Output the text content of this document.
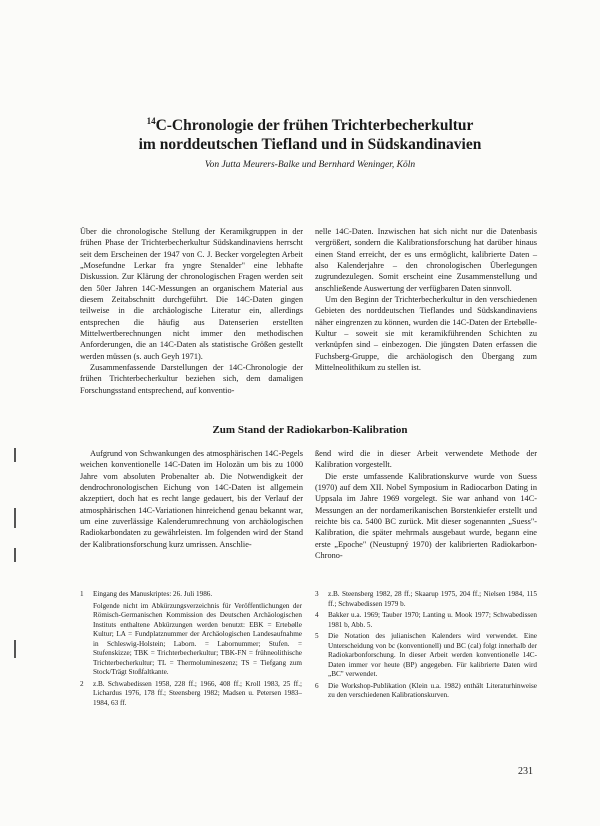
$^{14}$C-Chronologie der frühen Trichterbecherkultur
im norddeutschen Tiefland und in Südskandinavien
Von Jutta Meurers-Balke und Bernhard Weninger, Köln

Über die chronologische Stellung der Keramikgruppen in der frühen Phase der Trichterbecherkultur Südskandinaviens herrscht seit dem Erscheinen der 1947 von C. J. Becker vorgelegten Arbeit „Mosefundne Lerkar fra yngre Stenalder" eine lebhafte Diskussion. Zur Klärung der chronologischen Fragen werden seit den 50er Jahren 14C-Messungen an organischem Material aus diesem Zeitabschnitt durchgeführt. Die 14C-Daten gingen teilweise in die archäologische Literatur ein, allerdings entsprechen die häufig aus Datenserien erstellten Mittelwertberechnungen nicht immer den methodischen Anforderungen, die an 14C-Daten als statistische Größen gestellt werden müssen (s. auch Geyh 1971).

Zusammenfassende Darstellungen der 14C-Chronologie der frühen Trichterbecherkultur beziehen sich, dem damaligen Forschungsstand entsprechend, auf konventio-

nelle 14C-Daten. Inzwischen hat sich nicht nur die Datenbasis vergrößert, sondern die Kalibrationsforschung hat darüber hinaus einen Stand erreicht, der es uns ermöglicht, kalibrierte Daten – also Kalenderjahre – den chronologischen Überlegungen zugrundezulegen. Somit erscheint eine Zusammenstellung und anschließende Auswertung der verfügbaren Daten sinnvoll.

Um den Beginn der Trichterbecherkultur in den verschiedenen Gebieten des norddeutschen Tieflandes und Südskandinaviens näher eingrenzen zu können, wurden die 14C-Daten der Ertebølle-Kultur – soweit sie mit keramikführenden Schichten zu verknüpfen sind – einbezogen. Die jüngsten Daten erfassen die Fuchsberg-Gruppe, die archäologisch den Übergang zum Mittelneolithikum zu stellen ist.

Zum Stand der Radiokarbon-Kalibration

Aufgrund von Schwankungen des atmosphärischen 14C-Pegels weichen konventionelle 14C-Daten im Holozän um bis zu 1000 Jahre vom absoluten Probenalter ab. Die Notwendigkeit der dendrochronologischen Eichung von 14C-Daten ist allgemein akzeptiert, doch hat es recht lange gedauert, bis der Verlauf der atmosphärischen 14C-Variationen hinreichend genau bekannt war, um eine zuverlässige Kalenderumrechnung von archäologischen Radiokarbondaten zu gewährleisten. Im folgenden wird der Stand der Kalibrationsforschung kurz umrissen. Anschlie-

ßend wird die in dieser Arbeit verwendete Methode der Kalibration vorgestellt.

Die erste umfassende Kalibrationskurve wurde von Suess (1970) auf dem XII. Nobel Symposium in Radiocarbon Dating in Uppsala im Jahre 1969 vorgelegt. Sie war anhand von 14C-Messungen an der nordamerikanischen Borstenkiefer erstellt und reichte bis ca. 5400 BC zurück. Mit dieser sogenannten „Suess"-Kalibration, die später mehrmals ausgebaut wurde, begann eine erste „Epoche" (Neustupný 1970) der kalibrierten Radiokarbon-Chrono-

1 Eingang des Manuskriptes: 26. Juli 1986.
Folgende nicht im Abkürzungsverzeichnis für Veröffentlichungen der Römisch-Germanischen Kommission des Deutschen Archäologischen Instituts enthaltene Abkürzungen werden benutzt: EBK = Ertebølle Kultur; LA = Fundplatznummer der Archäologischen Landesaufnahme in Schleswig-Holstein; Laborn. = Labornummer; Stufen. = Stufenskizze; TBK = Trichterbecherkultur; TBK-FN = frühneolithische Trichterbecherkultur; TL = Thermolumineszenz; TS = Tiefgang zum Stock/Trägt Stoßfaltkante.
2 z.B. Schwabedissen 1958, 228 ff.; 1966, 408 ff.; Kroll 1983, 25 ff.; Lichardus 1976, 178 ff.; Steensberg 1982; Madsen u. Petersen 1983–1984, 63 ff.
3 z.B. Steensberg 1982, 28 ff.; Skaarup 1975, 204 ff.; Nielsen 1984, 115 ff.; Schwabedissen 1979 b.
4 Bakker u.a. 1969; Tauber 1970; Lanting u. Mook 1977; Schwabedissen 1981 b, Abb. 5.
5 Die Notation des julianischen Kalenders wird verwendet. Eine Unterscheidung von bc (konventionell) und BC (cal) folgt innerhalb der Radiokarbonforschung. In dieser Arbeit werden konventionelle 14C-Daten immer vor heute (BP) angegeben. Für kalibrierte Daten wird „BC" verwendet.
6 Die Workshop-Publikation (Klein u.a. 1982) enthält Literaturhinweise zu den verschiedenen Kalibrationskurven.
231
